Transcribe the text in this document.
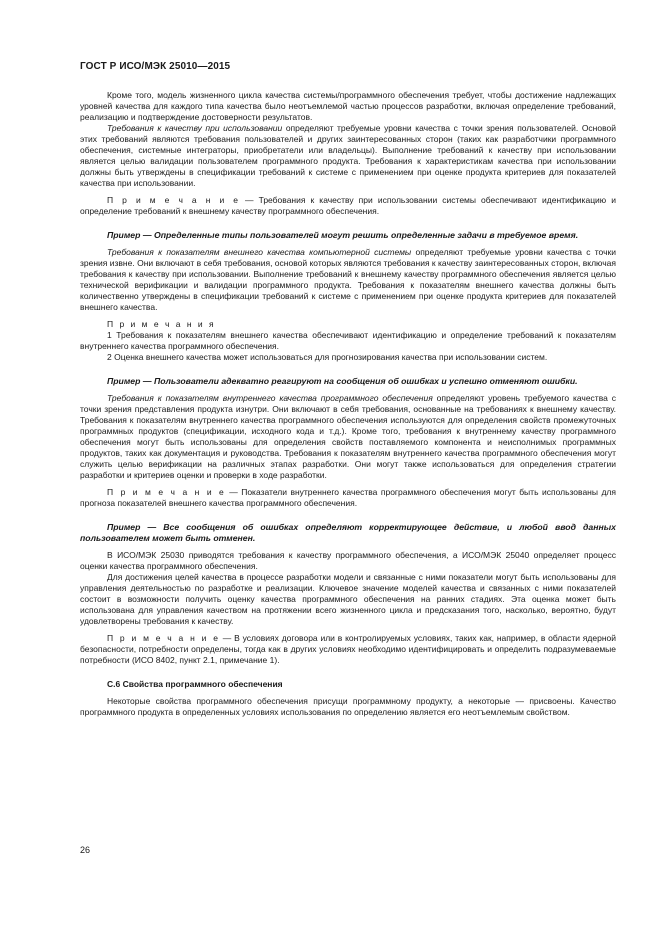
ГОСТ Р ИСО/МЭК 25010—2015

Кроме того, модель жизненного цикла качества системы/программного обеспечения требует, чтобы достижение надлежащих уровней качества для каждого типа качества было неотъемлемой частью процессов разработки, включая определение требований, реализацию и подтверждение достоверности результатов.

Требования к качеству при использовании определяют требуемые уровни качества с точки зрения пользователей. Основой этих требований являются требования пользователей и других заинтересованных сторон (таких как разработчики программного обеспечения, системные интеграторы, приобретатели или владельцы). Выполнение требований к качеству при использовании является целью валидации пользователем программного продукта. Требования к характеристикам качества при использовании должны быть утверждены в спецификации требований к системе с применением при оценке продукта критериев для показателей качества при использовании.

П р и м е ч а н и е — Требования к качеству при использовании системы обеспечивают идентификацию и определение требований к внешнему качеству программного обеспечения.

Пример — Определенные типы пользователей могут решить определенные задачи в требуемое время.

Требования к показателям внешнего качества компьютерной системы определяют требуемые уровни качества с точки зрения извне. Они включают в себя требования, основой которых являются требования к качеству заинтересованных сторон, включая требования к качеству при использовании. Выполнение требований к внешнему качеству программного обеспечения является целью технической верификации и валидации программного продукта. Требования к показателям внешнего качества должны быть количественно утверждены в спецификации требований к системе с применением при оценке продукта критериев для показателей внешнего качества.

П р и м е ч а н и я

1 Требования к показателям внешнего качества обеспечивают идентификацию и определение требований к показателям внутреннего качества программного обеспечения.

2 Оценка внешнего качества может использоваться для прогнозирования качества при использовании систем.

Пример — Пользователи адекватно реагируют на сообщения об ошибках и успешно отменяют ошибки.

Требования к показателям внутреннего качества программного обеспечения определяют уровень требуемого качества с точки зрения представления продукта изнутри. Они включают в себя требования, основанные на требованиях к внешнему качеству. Требования к показателям внутреннего качества программного обеспечения используются для определения свойств промежуточных программных продуктов (спецификации, исходного кода и т.д.). Кроме того, требования к внутреннему качеству программного обеспечения могут быть использованы для определения свойств поставляемого компонента и неисполнимых программных продуктов, таких как документация и руководства. Требования к показателям внутреннего качества программного обеспечения могут служить целью верификации на различных этапах разработки. Они могут также использоваться для определения стратегии разработки и критериев оценки и проверки в ходе разработки.

П р и м е ч а н и е — Показатели внутреннего качества программного обеспечения могут быть использованы для прогноза показателей внешнего качества программного обеспечения.

Пример — Все сообщения об ошибках определяют корректирующее действие, и любой ввод данных пользователем может быть отменен.

В ИСО/МЭК 25030 приводятся требования к качеству программного обеспечения, а ИСО/МЭК 25040 определяет процесс оценки качества программного обеспечения.

Для достижения целей качества в процессе разработки модели и связанные с ними показатели могут быть использованы для управления деятельностью по разработке и реализации. Ключевое значение моделей качества и связанных с ними показателей состоит в возможности получить оценку качества программного обеспечения на ранних стадиях. Эта оценка может быть использована для управления качеством на протяжении всего жизненного цикла и предсказания того, насколько, вероятно, будут удовлетворены требования к качеству.

П р и м е ч а н и е — В условиях договора или в контролируемых условиях, таких как, например, в области ядерной безопасности, потребности определены, тогда как в других условиях необходимо идентифицировать и определить подразумеваемые потребности (ИСО 8402, пункт 2.1, примечание 1).

С.6 Свойства программного обеспечения

Некоторые свойства программного обеспечения присущи программному продукту, а некоторые — присвоены. Качество программного продукта в определенных условиях использования по определению является его неотъемлемым свойством.

26
